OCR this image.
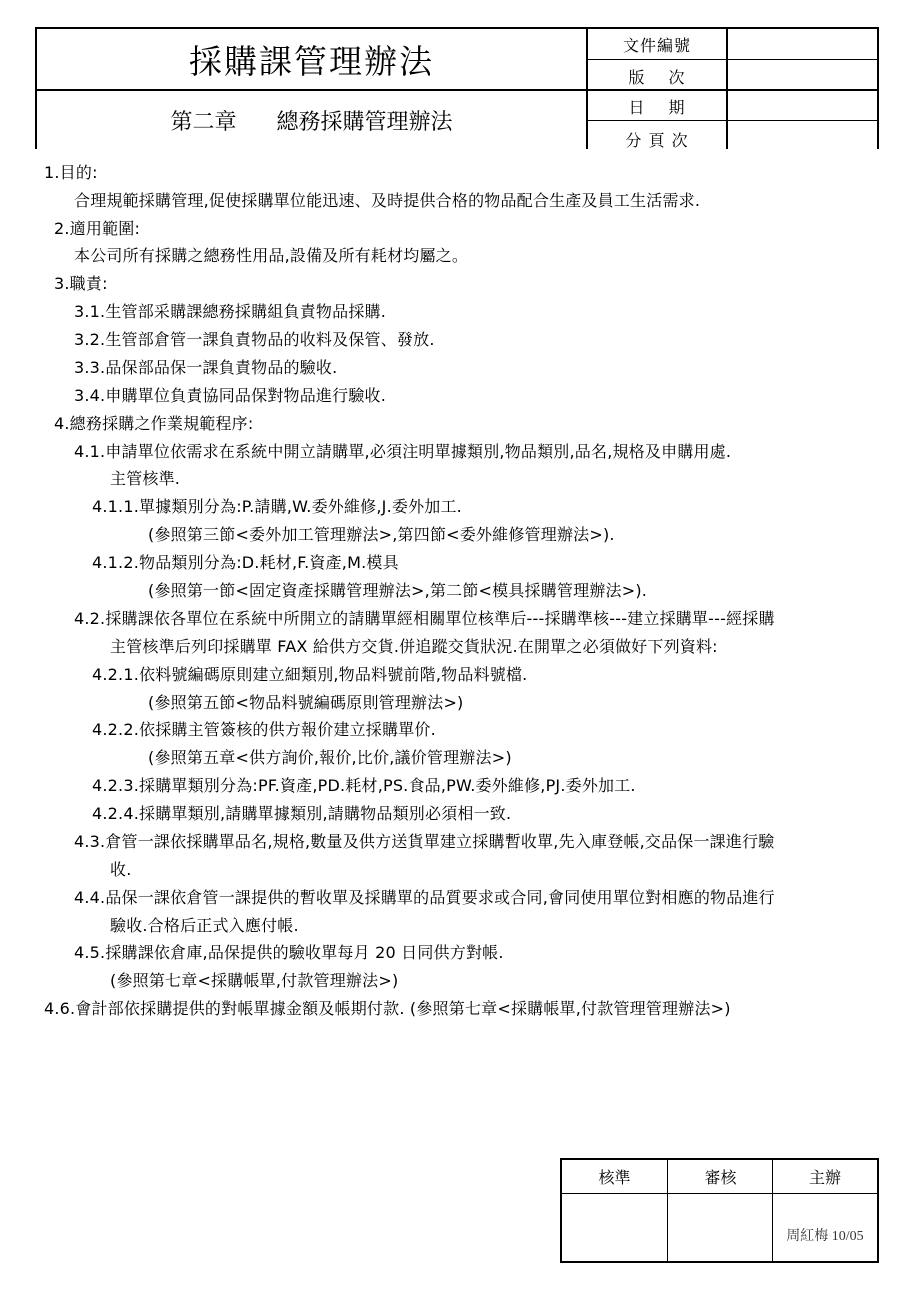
採購課管理辦法
第二章 總務採購管理辦法
文件編號
版　 次
日　 期
分 頁 次
1.目的:
合理規範採購管理,促使採購單位能迅速、及時提供合格的物品配合生產及員工生活需求.
2.適用範圍:
本公司所有採購之總務性用品,設備及所有耗材均屬之。
3.職責:
3.1.生管部采購課總務採購組負責物品採購.
3.2.生管部倉管一課負責物品的收料及保管、發放.
3.3.品保部品保一課負責物品的驗收.
3.4.申購單位負責協同品保對物品進行驗收.
4.總務採購之作業規範程序:
4.1.申請單位依需求在系統中開立請購單,必須注明單據類別,物品類別,品名,規格及申購用處.
主管核準.
4.1.1.單據類別分為:P.請購,W.委外維修,J.委外加工.
(參照第三節<委外加工管理辦法>,第四節<委外維修管理辦法>).
4.1.2.物品類別分為:D.耗材,F.資產,M.模具
(參照第一節<固定資產採購管理辦法>,第二節<模具採購管理辦法>).
4.2.採購課依各單位在系統中所開立的請購單經相關單位核準后---採購準核---建立採購單---經採購
主管核準后列印採購單 FAX 給供方交貨.併追蹤交貨狀況.在開單之必須做好下列資料:
4.2.1.依料號編碼原則建立細類別,物品料號前階,物品料號檔.
(參照第五節<物品料號編碼原則管理辦法>)
4.2.2.依採購主管簽核的供方報价建立採購單价.
(參照第五章<供方詢价,報价,比价,議价管理辦法>)
4.2.3.採購單類別分為:PF.資產,PD.耗材,PS.食品,PW.委外維修,PJ.委外加工.
4.2.4.採購單類別,請購單據類別,請購物品類別必須相一致.
4.3.倉管一課依採購單品名,規格,數量及供方送貨單建立採購暫收單,先入庫登帳,交品保一課進行驗
收.
4.4.品保一課依倉管一課提供的暫收單及採購單的品質要求或合同,會同使用單位對相應的物品進行
驗收.合格后正式入應付帳.
4.5.採購課依倉庫,品保提供的驗收單每月 20 日同供方對帳.
(參照第七章<採購帳單,付款管理辦法>)
4.6.會計部依採購提供的對帳單據金額及帳期付款. (參照第七章<採購帳單,付款管理管理辦法>)
核準	審核	主辦
周紅梅 10/05
